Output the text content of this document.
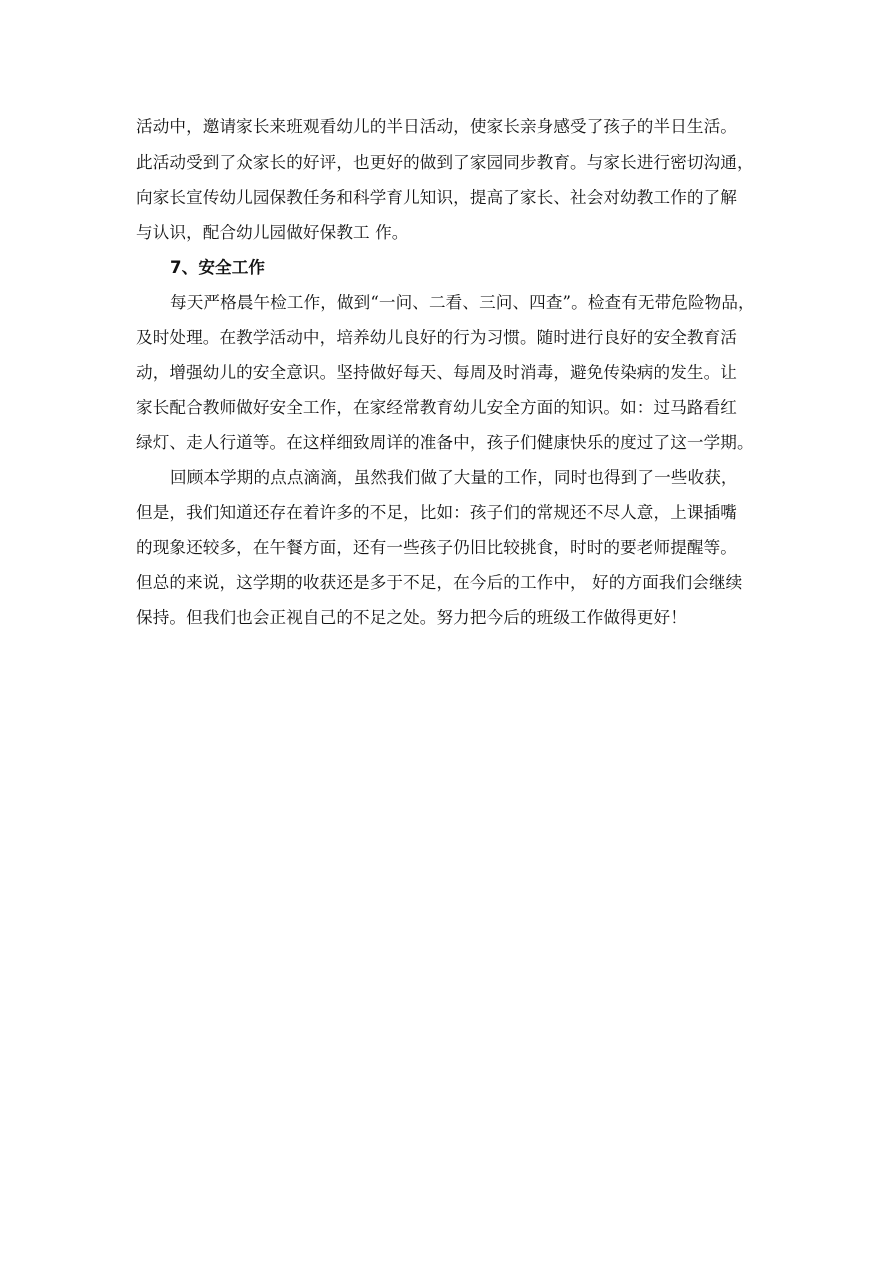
活动中，邀请家长来班观看幼儿的半日活动，使家长亲身感受了孩子的半日生活。
此活动受到了众家长的好评，也更好的做到了家园同步教育。与家长进行密切沟通，
向家长宣传幼儿园保教任务和科学育儿知识，提高了家长、社会对幼教工作的了解
与认识，配合幼儿园做好保教工 作。
7、安全工作
每天严格晨午检工作，做到“一问、二看、三问、四查”。检查有无带危险物品，
及时处理。在教学活动中，培养幼儿良好的行为习惯。随时进行良好的安全教育活
动，增强幼儿的安全意识。坚持做好每天、每周及时消毒，避免传染病的发生。让
家长配合教师做好安全工作，在家经常教育幼儿安全方面的知识。如：过马路看红
绿灯、走人行道等。在这样细致周详的准备中，孩子们健康快乐的度过了这一学期。
回顾本学期的点点滴滴，虽然我们做了大量的工作，同时也得到了一些收获，
但是，我们知道还存在着许多的不足，比如：孩子们的常规还不尽人意，上课插嘴
的现象还较多，在午餐方面，还有一些孩子仍旧比较挑食，时时的要老师提醒等。
但总的来说，这学期的收获还是多于不足，在今后的工作中， 好的方面我们会继续
保持。但我们也会正视自己的不足之处。努力把今后的班级工作做得更好！
